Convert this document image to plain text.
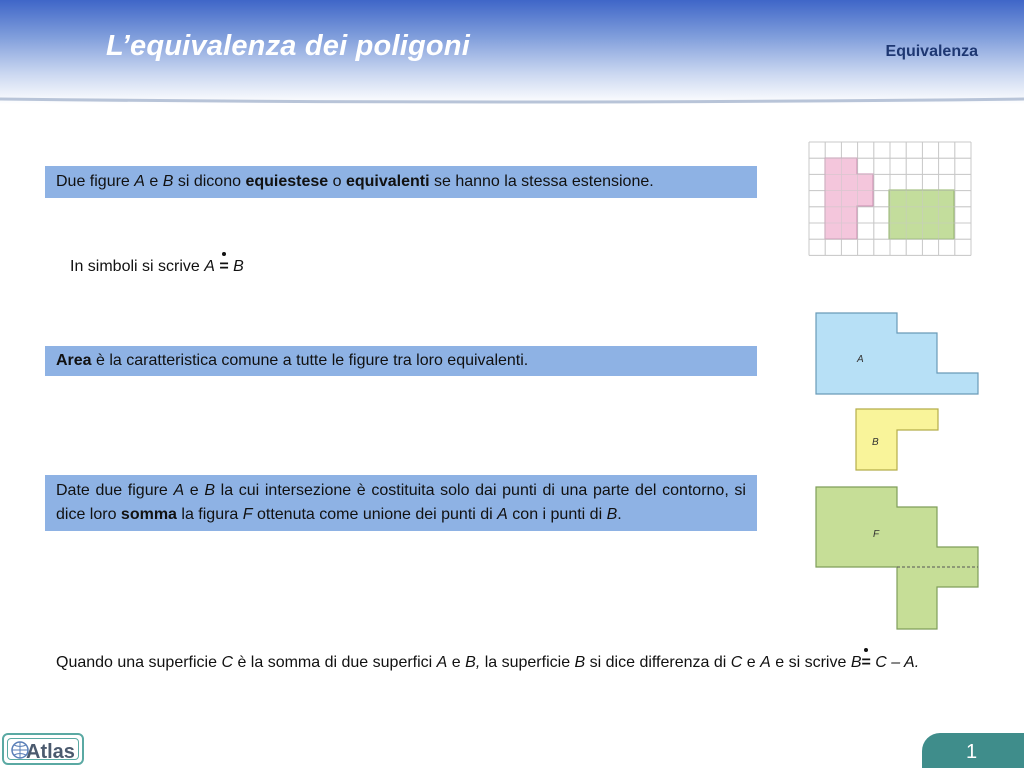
L’equivalenza dei poligoni	Equivalenza
Due figure A e B si dicono equiestese o equivalenti se hanno la stessa estensione.
In simboli si scrive A = B
Area è la caratteristica comune a tutte le figure tra loro equivalenti.
Date due figure A e B la cui intersezione è costituita solo dai punti di una parte del contorno, si dice loro somma la figura F ottenuta come unione dei punti di A con i punti di B.
Quando una superficie C è la somma di due superfici A e B, la superficie B si dice differenza di C e A e si scrive B= C – A.
A
B
F
Atlas	1
